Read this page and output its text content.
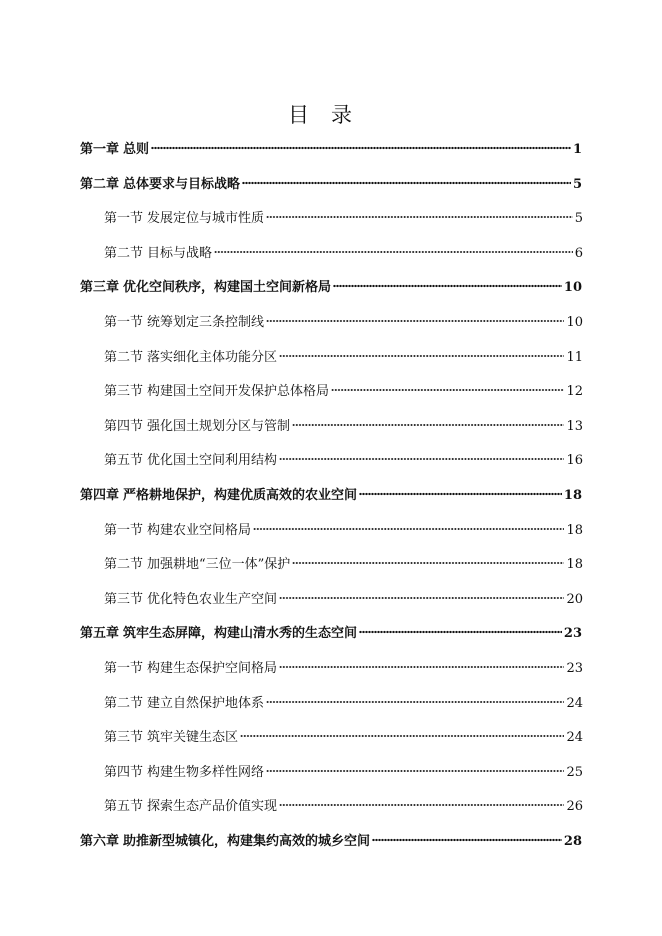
目录
第一章 总则	1
第二章 总体要求与目标战略	5
第一节 发展定位与城市性质	5
第二节 目标与战略	6
第三章 优化空间秩序，构建国土空间新格局	10
第一节 统筹划定三条控制线	10
第二节 落实细化主体功能分区	11
第三节 构建国土空间开发保护总体格局	12
第四节 强化国土规划分区与管制	13
第五节 优化国土空间利用结构	16
第四章 严格耕地保护，构建优质高效的农业空间	18
第一节 构建农业空间格局	18
第二节 加强耕地“三位一体”保护	18
第三节 优化特色农业生产空间	20
第五章 筑牢生态屏障，构建山清水秀的生态空间	23
第一节 构建生态保护空间格局	23
第二节 建立自然保护地体系	24
第三节 筑牢关键生态区	24
第四节 构建生物多样性网络	25
第五节 探索生态产品价值实现	26
第六章 助推新型城镇化，构建集约高效的城乡空间	28
